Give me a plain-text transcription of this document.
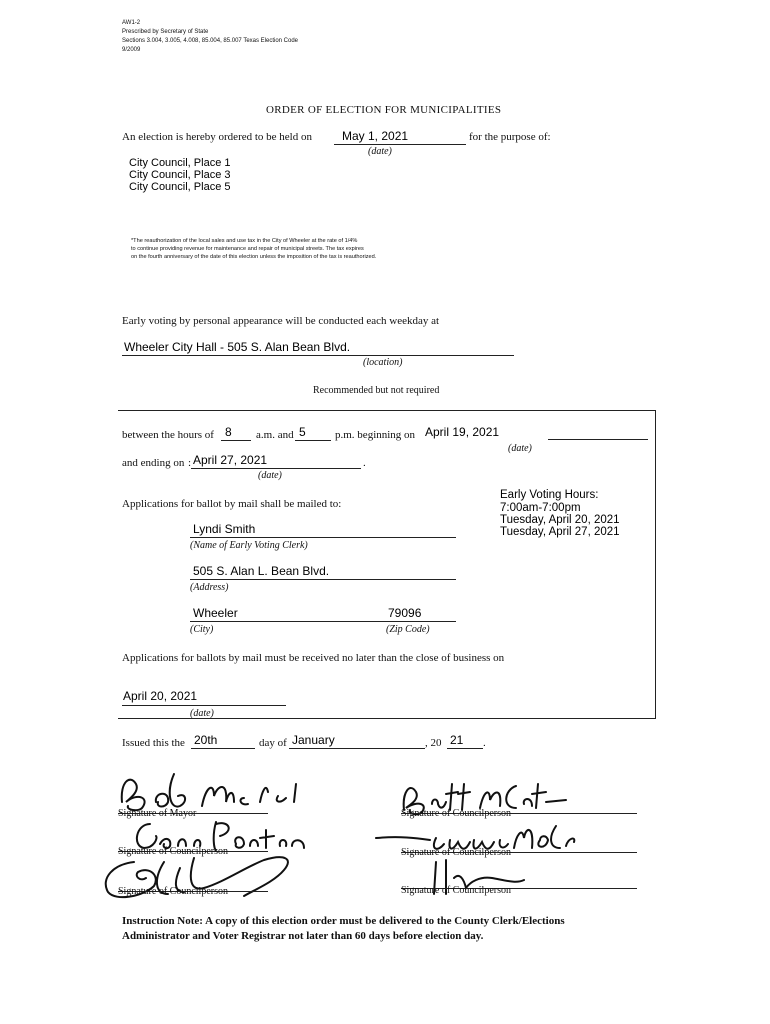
AW1-2
Prescribed by Secretary of State
Sections 3.004, 3.005, 4.008, 85.004, 85.007 Texas Election Code
9/2009
ORDER OF ELECTION FOR MUNICIPALITIES
An election is hereby ordered to be held on	May 1, 2021	for the purpose of:
(date)
City Council, Place 1
City Council, Place 3
City Council, Place 5
*The reauthorization of the local sales and use tax in the City of Wheeler at the rate of 1/4%
to continue providing revenue for maintenance and repair of municipal streets. The tax expires
on the fourth anniversary of the date of this election unless the imposition of the tax is reauthorized.
Early voting by personal appearance will be conducted each weekday at
Wheeler City Hall - 505 S. Alan Bean Blvd.
(location)
Recommended but not required
between the hours of 8 a.m. and 5	p.m. beginning on April 19, 2021
(date)
and ending on : April 27, 2021	.
(date)
Early Voting Hours:
7:00am-7:00pm
Tuesday, April 20, 2021
Tuesday, April 27, 2021
Applications for ballot by mail shall be mailed to:
Lyndi Smith
(Name of Early Voting Clerk)
505 S. Alan L. Bean Blvd.
(Address)
Wheeler	79096
(City)	(Zip Code)
Applications for ballots by mail must be received no later than the close of business on
April 20, 2021
(date)
Issued this the 20th	day of January	, 20 21 .
Signature of Mayor
Signature of Councilperson
Signature of Councilperson
Signature of Councilperson
Signature of Councilperson
Signature of Councilperson
Instruction Note: A copy of this election order must be delivered to the County Clerk/Elections
Administrator and Voter Registrar not later than 60 days before election day.
